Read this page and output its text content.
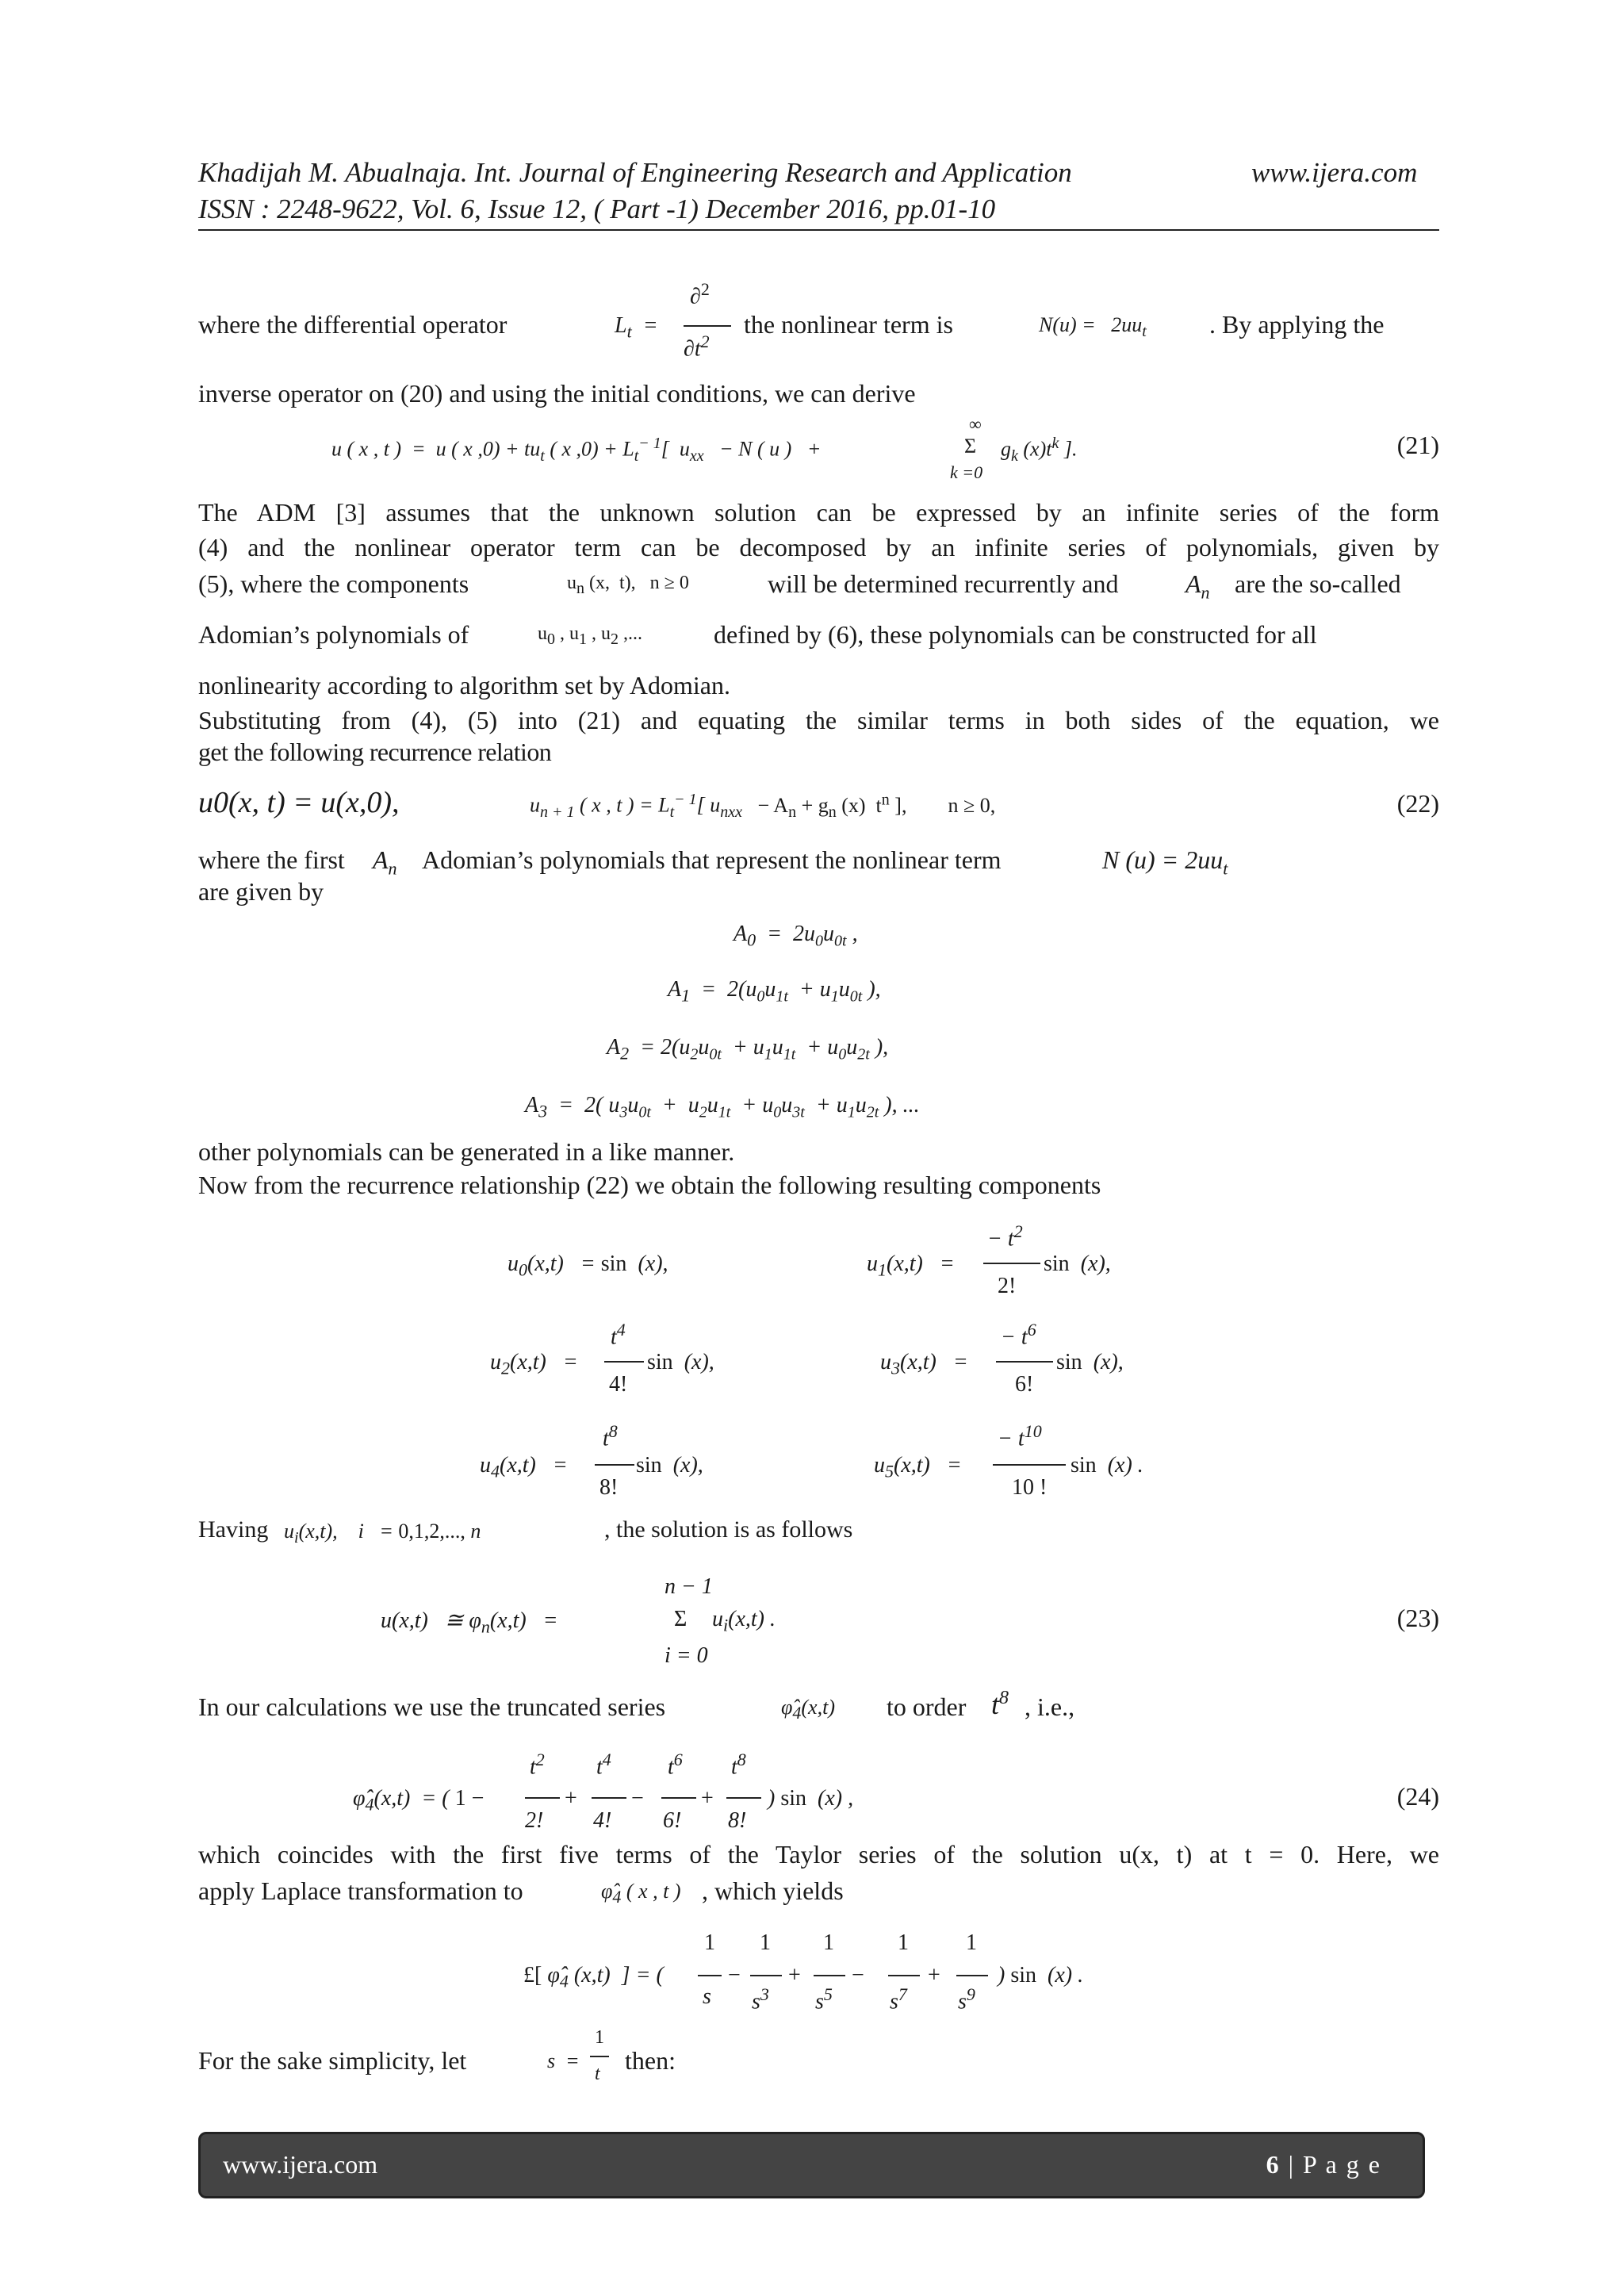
Khadijah M. Abualnaja. Int. Journal of Engineering Research and Application	www.ijera.com
ISSN : 2248-9622, Vol. 6, Issue 12, ( Part -1) December 2016, pp.01-10
where the differential operator	$L_t$  =
∂$^2$
$\partial t^2$
the nonlinear term is	$N(u) = 2uu_t$ . By applying the
inverse operator on (20) and using the initial conditions, we can derive
u ( x , t )  =  u ( x $,0) + tu_t$ ( x $,0) + L_t^{- 1}$[  $u_{xx} - N$ ( u )   +
∞
Σ
k =0
$g_k$ $(x)t^k$ ].	(21)
The ADM [3] assumes that the unknown solution can be expressed by an infinite series of the form
(4) and the nonlinear operator term can be decomposed by an infinite series of polynomials, given by
(5), where the components	$u_n$ (x,  t),   n ≥ 0	will be determined recurrently and	$A_n$ are the so-called
Adomian’s polynomials of	$u_0$ , $u_1$ , $u_2$ ,...	defined by (6), these polynomials can be constructed for all
nonlinearity according to algorithm set by Adomian.
Substituting from (4), (5) into (21) and equating the similar terms in both sides of the equation, we
get the following recurrence relation
u0(x, t) = u(x,0),	$u_{n + 1}$ ( x , t ) = $L_t^{- 1}$[ $u_{nxx} - A_n + g_n$ (x)  $t^n$ ],        n ≥ 0,	(22)
where the first $A_n$ Adomian’s polynomials that represent the nonlinear term	N $(u) = 2uu_t$
are given by
$A_0 = 2u_0u_{0t}$ ,
$A_1 = 2(u_0u_{1t} + u_1u_{0t}$ ),
$A_2 = 2(u_2u_{0t} + u_1u_{1t} + u_0u_{2t}$ ),
$A_3 = 2$( $u_3u_{0t} + u_2u_{1t} + u_0u_{3t} + u_1u_{2t}$ ), ...
other polynomials can be generated in a like manner.
Now from the recurrence relationship (22) we obtain the following resulting components
$u_0(x,t) = \sin (x)$,	$u_1(x,t)$   =
− $t^2$
2!
sin  (x),
$u_2(x,t)$   =
$t^4$
4!
sin  (x),	$u_3(x,t)$   =
− $t^6$
6!
sin  (x),
$u_4(x,t)$   =
$t^8$
8!
sin  (x),	$u_5(x,t)$   =
− $t^{10}$
10 !
sin  (x) .
Having $u_i(x,t)$,    i   = 0,1,2,..., n	, the solution is as follows
n − 1
u(x,t)   ≅ $\varphi_n(x,t)$   =	Σ
i = 0
$u_i(x,t)$ .	(23)
In our calculations we use the truncated series	$\varphî_4(x,t)$ to order $t^8$ , i.e.,
$\varphî_4(x,t)$  = ( 1 −
$t^2$
2!
+
$t^4$
4!
−
$t^6$
6!
+
$t^8$
8!
) sin  (x) ,	(24)
which coincides with the first five terms of the Taylor series of the solution u(x, t) at t = 0. Here, we
apply Laplace transformation to	$\varphî_4$ ( x , t ) , which yields
£[ $\varphî_4$ (x,t)  ] = (
1
s
−
1
$s^3$
+
1
$s^5$
−
1
$s^7$
+
1
$s^9$
) sin  (x) .
For the sake simplicity, let	s  =
1
t then:
www.ijera.com	6 | P a g e
